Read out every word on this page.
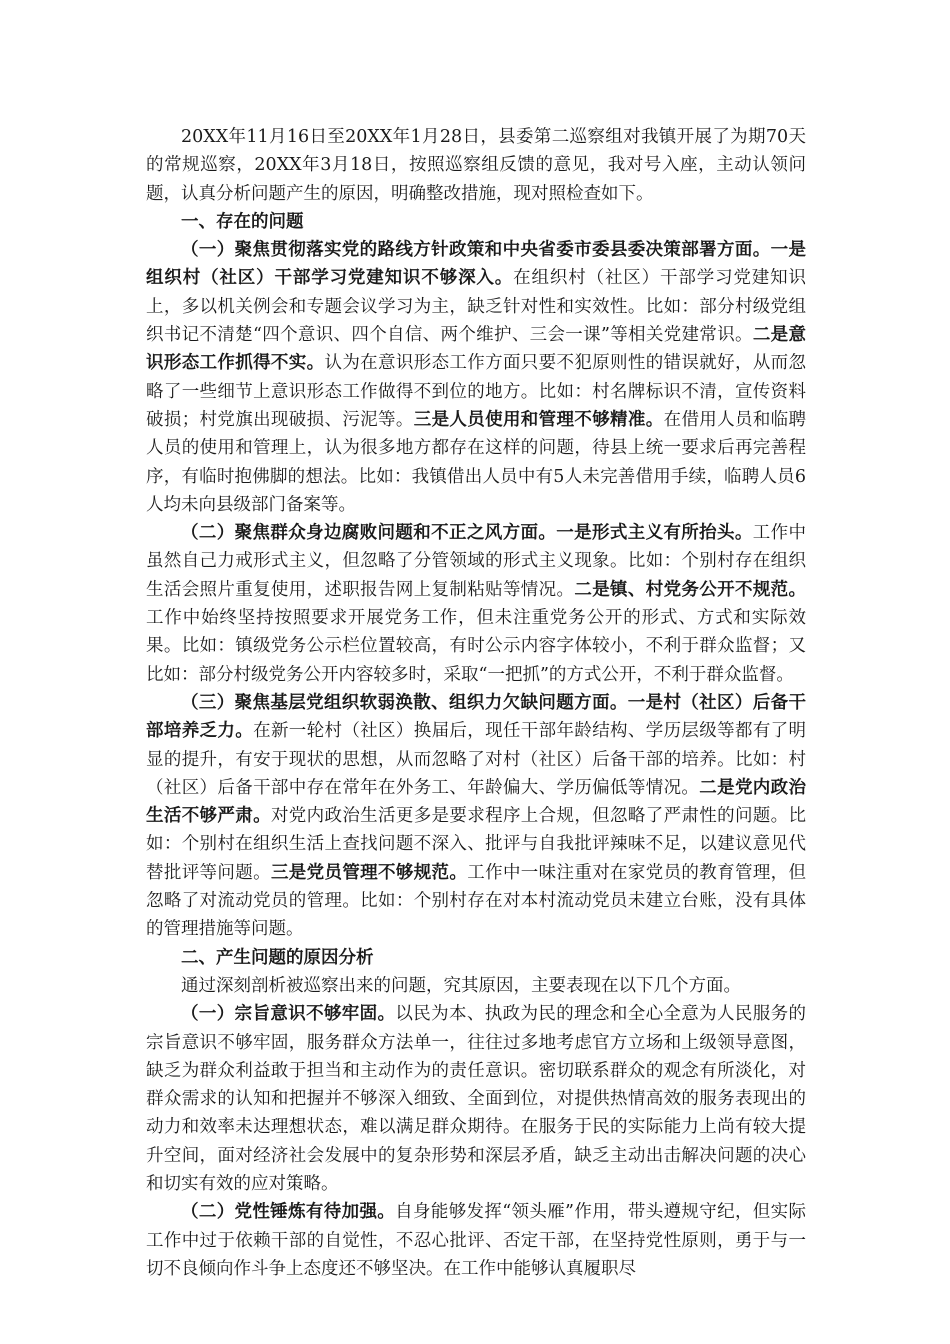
20XX年11月16日至20XX年1月28日，县委第二巡察组对我镇开展了为期70天的常规巡察，20XX年3月18日，按照巡察组反馈的意见，我对号入座，主动认领问题，认真分析问题产生的原因，明确整改措施，现对照检查如下。

一、存在的问题

（一）聚焦贯彻落实党的路线方针政策和中央省委市委县委决策部署方面。一是组织村（社区）干部学习党建知识不够深入。在组织村（社区）干部学习党建知识上，多以机关例会和专题会议学习为主，缺乏针对性和实效性。比如：部分村级党组织书记不清楚“四个意识、四个自信、两个维护、三会一课”等相关党建常识。二是意识形态工作抓得不实。认为在意识形态工作方面只要不犯原则性的错误就好，从而忽略了一些细节上意识形态工作做得不到位的地方。比如：村名牌标识不清，宣传资料破损；村党旗出现破损、污泥等。三是人员使用和管理不够精准。在借用人员和临聘人员的使用和管理上，认为很多地方都存在这样的问题，待县上统一要求后再完善程序，有临时抱佛脚的想法。比如：我镇借出人员中有5人未完善借用手续，临聘人员6人均未向县级部门备案等。

（二）聚焦群众身边腐败问题和不正之风方面。一是形式主义有所抬头。工作中虽然自己力戒形式主义，但忽略了分管领域的形式主义现象。比如：个别村存在组织生活会照片重复使用，述职报告网上复制粘贴等情况。二是镇、村党务公开不规范。工作中始终坚持按照要求开展党务工作，但未注重党务公开的形式、方式和实际效果。比如：镇级党务公示栏位置较高，有时公示内容字体较小，不利于群众监督；又比如：部分村级党务公开内容较多时，采取“一把抓”的方式公开，不利于群众监督。

（三）聚焦基层党组织软弱涣散、组织力欠缺问题方面。一是村（社区）后备干部培养乏力。在新一轮村（社区）换届后，现任干部年龄结构、学历层级等都有了明显的提升，有安于现状的思想，从而忽略了对村（社区）后备干部的培养。比如：村（社区）后备干部中存在常年在外务工、年龄偏大、学历偏低等情况。二是党内政治生活不够严肃。对党内政治生活更多是要求程序上合规，但忽略了严肃性的问题。比如：个别村在组织生活上查找问题不深入、批评与自我批评辣味不足，以建议意见代替批评等问题。三是党员管理不够规范。工作中一味注重对在家党员的教育管理，但忽略了对流动党员的管理。比如：个别村存在对本村流动党员未建立台账，没有具体的管理措施等问题。

二、产生问题的原因分析

通过深刻剖析被巡察出来的问题，究其原因，主要表现在以下几个方面。

（一）宗旨意识不够牢固。以民为本、执政为民的理念和全心全意为人民服务的宗旨意识不够牢固，服务群众方法单一，往往过多地考虑官方立场和上级领导意图，缺乏为群众利益敢于担当和主动作为的责任意识。密切联系群众的观念有所淡化，对群众需求的认知和把握并不够深入细致、全面到位，对提供热情高效的服务表现出的动力和效率未达理想状态，难以满足群众期待。在服务于民的实际能力上尚有较大提升空间，面对经济社会发展中的复杂形势和深层矛盾，缺乏主动出击解决问题的决心和切实有效的应对策略。

（二）党性锤炼有待加强。自身能够发挥“领头雁”作用，带头遵规守纪，但实际工作中过于依赖干部的自觉性，不忍心批评、否定干部，在坚持党性原则，勇于与一切不良倾向作斗争上态度还不够坚决。在工作中能够认真履职尽
